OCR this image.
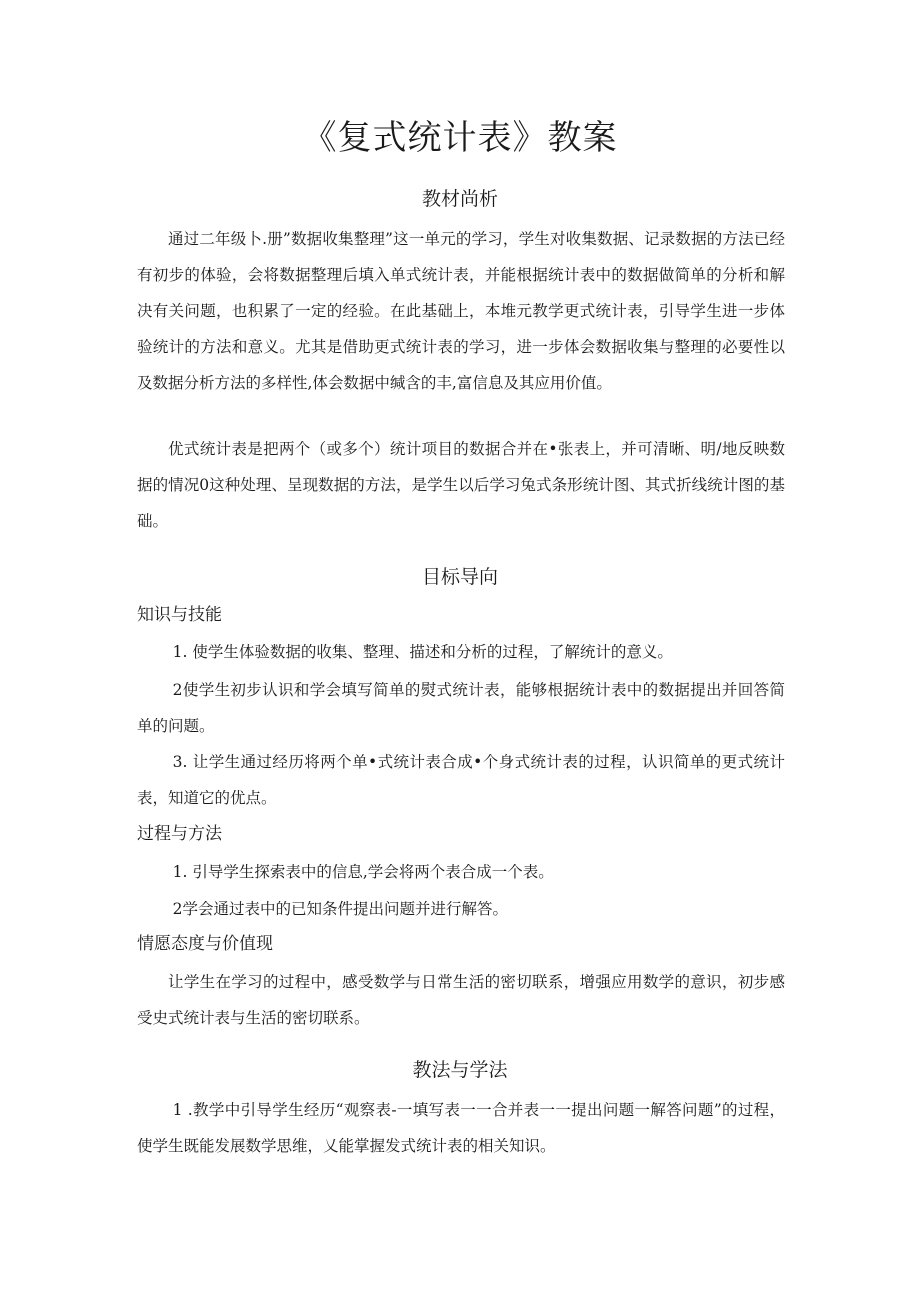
《复式统计表》教案
教材尚析

通过二年级卜.册”数据收集整理”这一单元的学习，学生对收集数据、记录数据的方法已经有初步的体验，会将数据整理后填入单式统计表，并能根据统计表中的数据做简单的分析和解决有关问题，也积累了一定的经验。在此基础上，本堆元教学更式统计表，引导学生进一步体验统计的方法和意义。尤其是借助更式统计表的学习，进一步体会数据收集与整理的必要性以及数据分析方法的多样性,体会数据中缄含的丰,富信息及其应用价值。

优式统计表是把两个（或多个）统计项目的数据合并在•张表上，并可清晰、明/地反映数据的情况0这种处理、呈现数据的方法，是学生以后学习兔式条形统计图、其式折线统计图的基础。

目标导向
知识与技能

1. 使学生体验数据的收集、整理、描述和分析的过程，了解统计的意义。

2使学生初步认识和学会填写简单的熨式统计表，能够根据统计表中的数据提出并回答简单的问题。

3. 让学生通过经历将两个单•式统计表合成•个身式统计表的过程，认识简单的更式统计表，知道它的优点。

过程与方法

1. 引导学生探索表中的信息,学会将两个表合成一个表。

2学会通过表中的已知条件提出问题并进行解答。

情愿态度与价值现

让学生在学习的过程中，感受数学与日常生活的密切联系，增强应用数学的意识，初步感受史式统计表与生活的密切联系。

教法与学法

1 .教学中引导学生经历“观察表-一填写表一一合并表一一提出问题一解答问题”的过程，使学生既能发展数学思维，乂能掌握发式统计表的相关知识。
